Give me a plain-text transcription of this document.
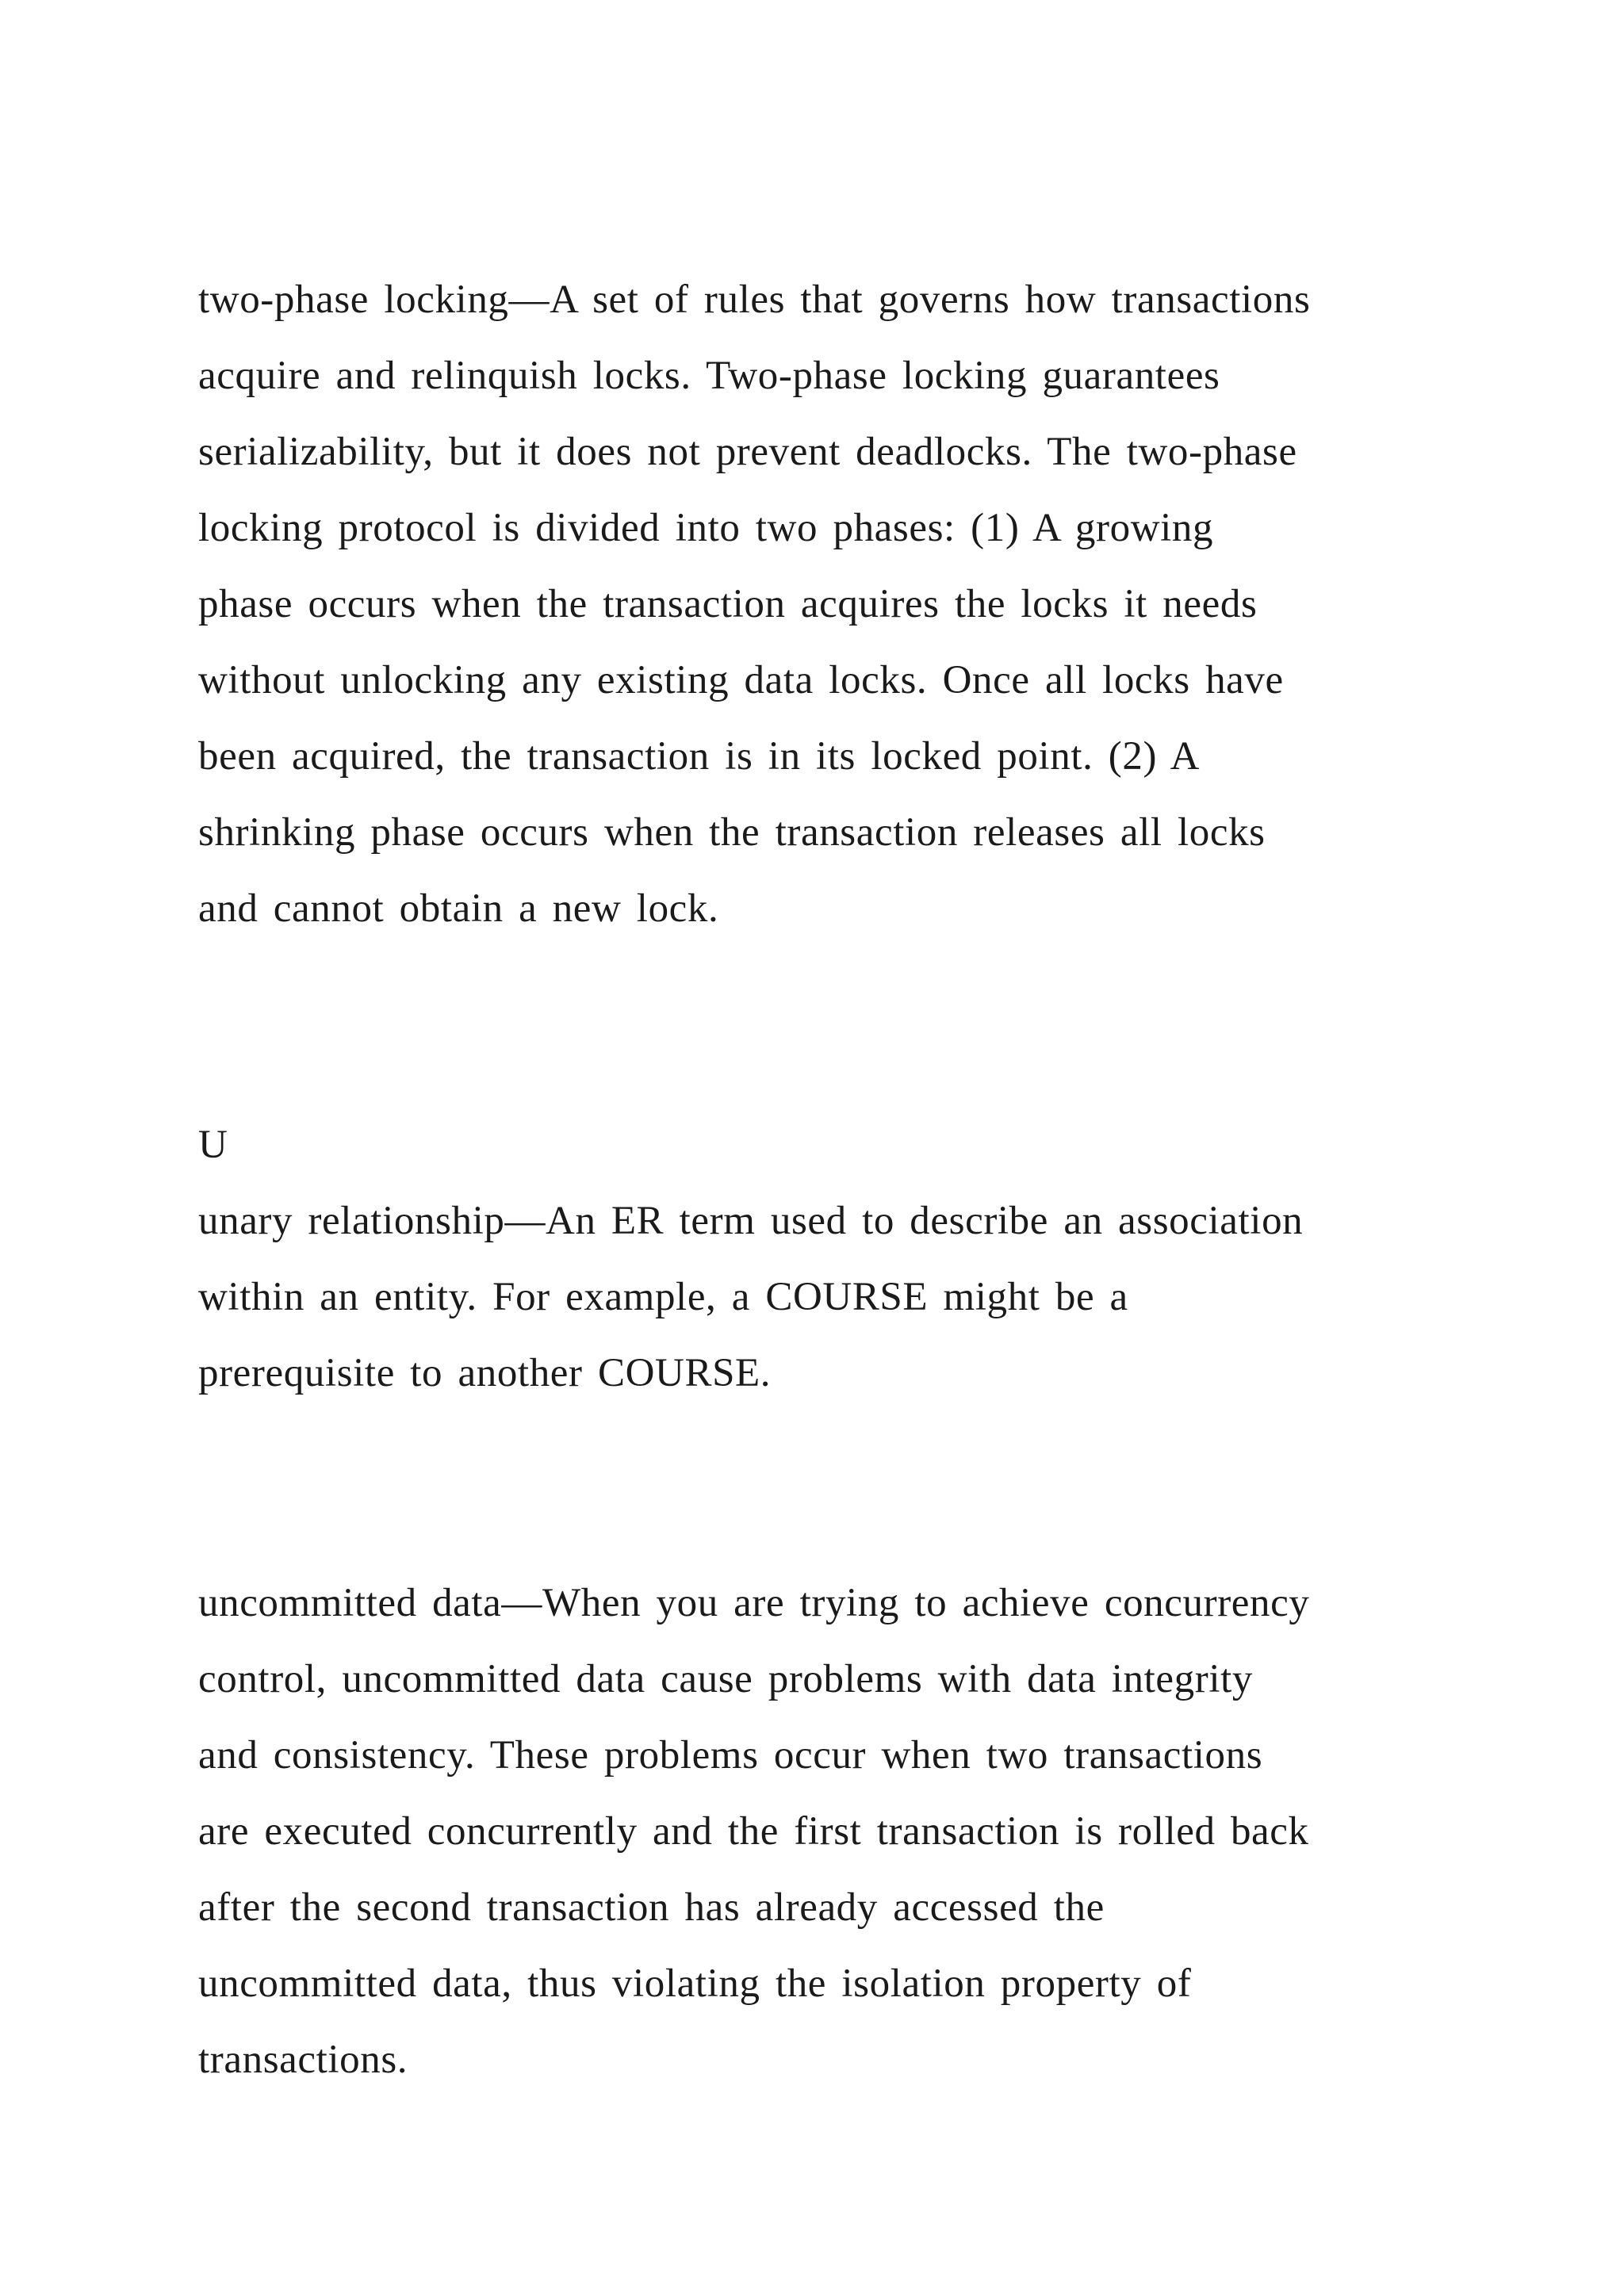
two-phase locking—A set of rules that governs how transactions
acquire and relinquish locks. Two-phase locking guarantees
serializability, but it does not prevent deadlocks. The two-phase
locking protocol is divided into two phases: (1) A growing
phase occurs when the transaction acquires the locks it needs
without unlocking any existing data locks. Once all locks have
been acquired, the transaction is in its locked point. (2) A
shrinking phase occurs when the transaction releases all locks
and cannot obtain a new lock.
U
unary relationship—An ER term used to describe an association
within an entity. For example, a COURSE might be a
prerequisite to another COURSE.
uncommitted data—When you are trying to achieve concurrency
control, uncommitted data cause problems with data integrity
and consistency. These problems occur when two transactions
are executed concurrently and the first transaction is rolled back
after the second transaction has already accessed the
uncommitted data, thus violating the isolation property of
transactions.
